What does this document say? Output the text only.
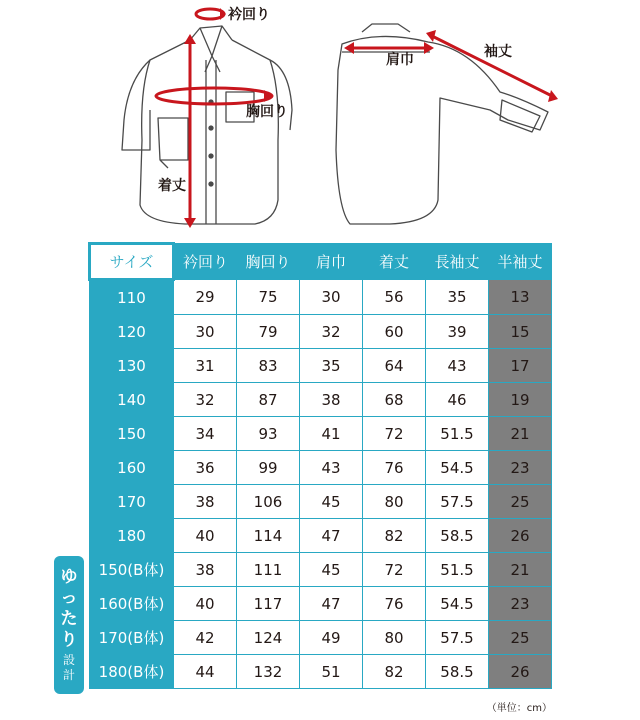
衿回り
胸回り
肩巾	袖丈
着丈
ゆ
っ
た
り
設
計
サイズ	衿回り	胸回り	肩巾	着丈	長袖丈	半袖丈
110	29	75	30	56	35	13
120	30	79	32	60	39	15
130	31	83	35	64	43	17
140	32	87	38	68	46	19
150	34	93	41	72	51.5	21
160	36	99	43	76	54.5	23
170	38	106	45	80	57.5	25
180	40	114	47	82	58.5	26
150(B体)	38	111	45	72	51.5	21
160(B体)	40	117	47	76	54.5	23
170(B体)	42	124	49	80	57.5	25
180(B体)	44	132	51	82	58.5	26
（単位：cm）
